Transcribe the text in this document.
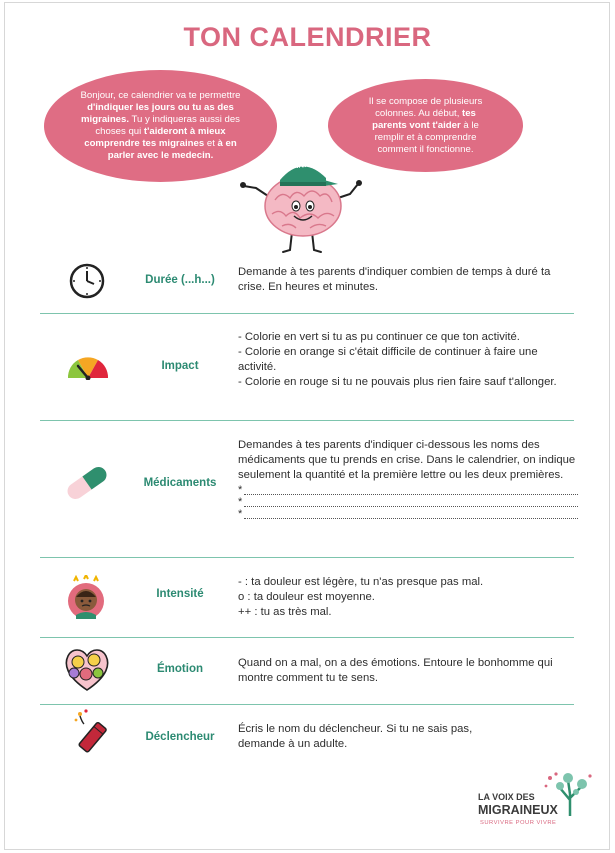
TON CALENDRIER

Bonjour, ce calendrier va te permettre d'indiquer les jours ou tu as des migraines. Tu y indiqueras aussi des choses qui t'aideront à mieux comprendre tes migraines et à en parler avec le medecin.

Il se compose de plusieurs colonnes. Au début, tes parents vont t'aider à le remplir et à comprendre comment il fonctionne.

INFO
Durée (...h...)
Demande à tes parents d'indiquer combien de temps à duré ta crise. En heures et minutes.
Impact
- Colorie en vert si tu as pu continuer ce que ton activité.
- Colorie en orange si c'était difficile de continuer à faire une activité.
- Colorie en rouge si tu ne pouvais plus rien faire sauf t'allonger.
Médicaments
Demandes à tes parents d'indiquer ci-dessous les noms des médicaments que tu prends en crise. Dans le calendrier, on indique seulement la quantité et la première lettre ou les deux premières.
*
*
*
Intensité
- : ta douleur est légère, tu n'as presque pas mal.
o : ta douleur est moyenne.
++ : tu as très mal.
Émotion	Quand on a mal, on a des émotions. Entoure le bonhomme qui montre comment tu te sens.
Déclencheur
Écris le nom du déclencheur. Si tu ne sais pas, demande à un adulte.
LA VOIX DES
MIGRAINEUX
SURVIVRE POUR VIVRE
